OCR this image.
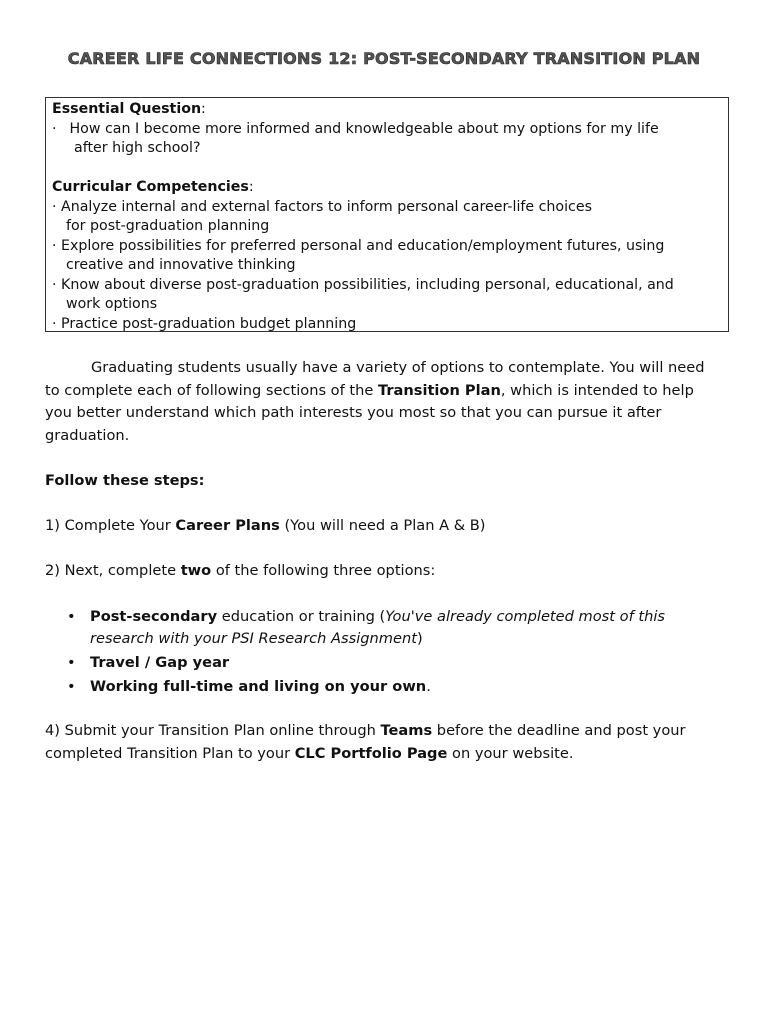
CAREER LIFE CONNECTIONS 12: POST-SECONDARY TRANSITION PLAN
Essential Question:
· How can I become more informed and knowledgeable about my options for my life
after high school?
Curricular Competencies:
· Analyze internal and external factors to inform personal career-life choices
for post-graduation planning
· Explore possibilities for preferred personal and education/employment futures, using
creative and innovative thinking
· Know about diverse post-graduation possibilities, including personal, educational, and
work options
· Practice post-graduation budget planning
Graduating students usually have a variety of options to contemplate. You will need
to complete each of following sections of the Transition Plan, which is intended to help
you better understand which path interests you most so that you can pursue it after
graduation.
Follow these steps:
1) Complete Your Career Plans (You will need a Plan A & B)
2) Next, complete two of the following three options:
• Post-secondary education or training (You've already completed most of this
research with your PSI Research Assignment)
• Travel / Gap year
• Working full-time and living on your own.
4) Submit your Transition Plan online through Teams before the deadline and post your
completed Transition Plan to your CLC Portfolio Page on your website.
